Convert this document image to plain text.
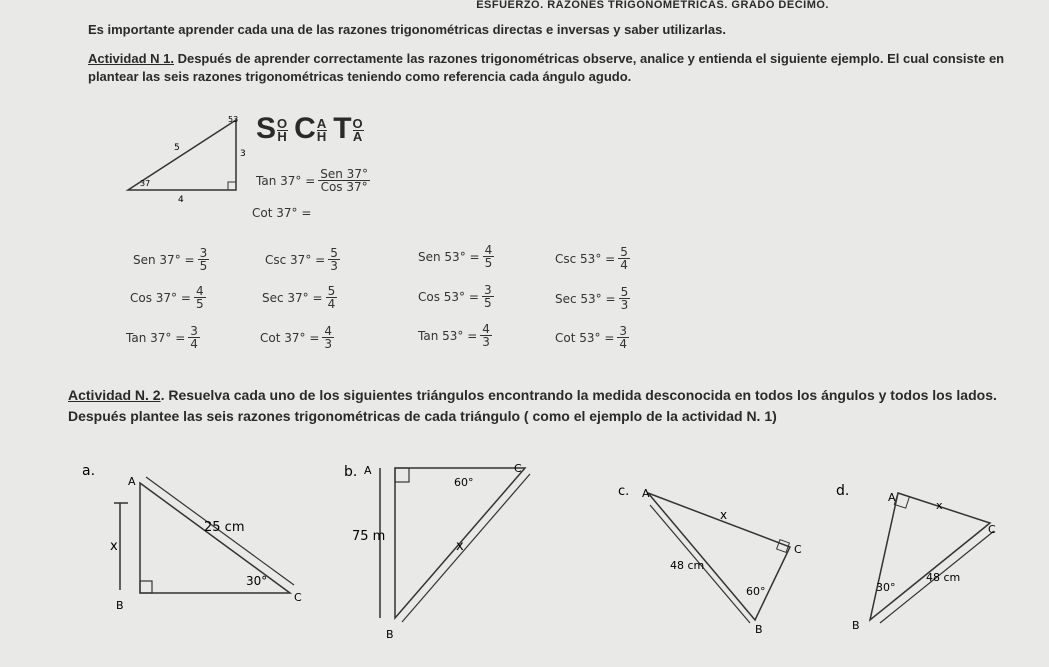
ESFUERZO. RAZONES TRIGONOMÉTRICAS. GRADO DÉCIMO.
Es importante aprender cada una de las razones trigonométricas directas e inversas y saber utilizarlas.
Actividad N 1. Después de aprender correctamente las razones trigonométricas observe, analice y entienda el siguiente ejemplo. El cual consiste en plantear las seis razones trigonométricas teniendo como referencia cada ángulo agudo.
S $\frac{O}{H}$ C $\frac{A}{H}$ T $\frac{O}{A}$
53
37
5
3
4
Tan 37° = Sen 37°
Cos 37°
Cot 37° =
Sen $37^\circ = \frac{3}{5}$	Csc $37^\circ = \frac{5}{3}$	Sen $53^\circ = \frac{4}{5}$	Csc $53^\circ = \frac{5}{4}$
Cos $37^\circ = \frac{4}{5}$	Sec $37^\circ = \frac{5}{4}$	Cos $53^\circ = \frac{3}{5}$	Sec $53^\circ = \frac{5}{3}$
Tan $37^\circ = \frac{3}{4}$	Cot $37^\circ = \frac{4}{3}$	Tan $53^\circ = \frac{4}{3}$	Cot $53^\circ = \frac{3}{4}$
Actividad N. 2. Resuelva cada uno de los siguientes triángulos encontrando la medida desconocida en todos los ángulos y todos los lados. Después plantee las seis razones trigonométricas de cada triángulo ( como el ejemplo de la actividad N. 1)
a.
A
B
C
25 cm
x
30°
b. A
B
C
75 m
x
60°
c. A
B
C
x
48 cm
60°
d.	A
B
C
x
48 cm
30°
